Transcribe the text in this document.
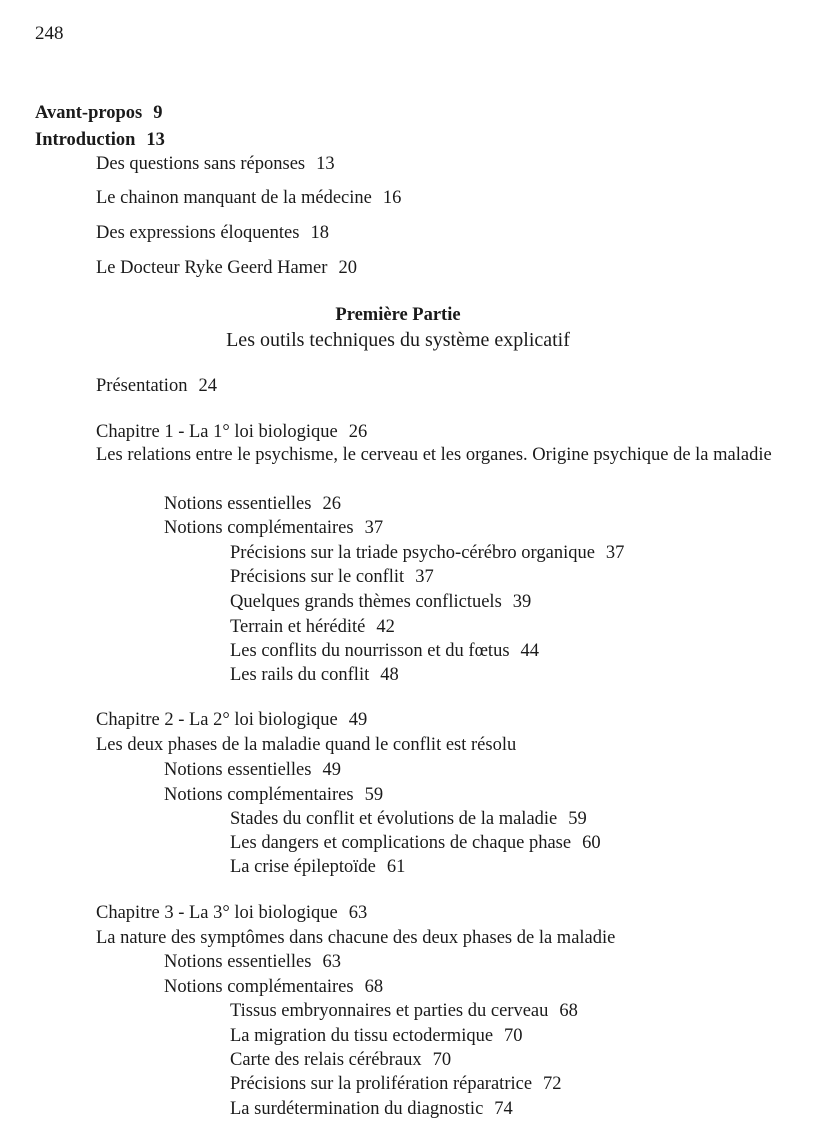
248
Avant-propos 9
Introduction 13
Des questions sans réponses 13
Le chainon manquant de la médecine 16
Des expressions éloquentes 18
Le Docteur Ryke Geerd Hamer 20
Première Partie
Les outils techniques du système explicatif
Présentation 24
Chapitre 1 - La 1° loi biologique 26
Les relations entre le psychisme, le cerveau et les organes. Origine psychique de la maladie
Notions essentielles 26
Notions complémentaires 37
Précisions sur la triade psycho-cérébro organique 37
Précisions sur le conflit 37
Quelques grands thèmes conflictuels 39
Terrain et hérédité 42
Les conflits du nourrisson et du fœtus 44
Les rails du conflit 48
Chapitre 2 - La 2° loi biologique 49
Les deux phases de la maladie quand le conflit est résolu
Notions essentielles 49
Notions complémentaires 59
Stades du conflit et évolutions de la maladie 59
Les dangers et complications de chaque phase 60
La crise épileptoïde 61
Chapitre 3 - La 3° loi biologique 63
La nature des symptômes dans chacune des deux phases de la maladie
Notions essentielles 63
Notions complémentaires 68
Tissus embryonnaires et parties du cerveau 68
La migration du tissu ectodermique 70
Carte des relais cérébraux 70
Précisions sur la prolifération réparatrice 72
La surdétermination du diagnostic 74
